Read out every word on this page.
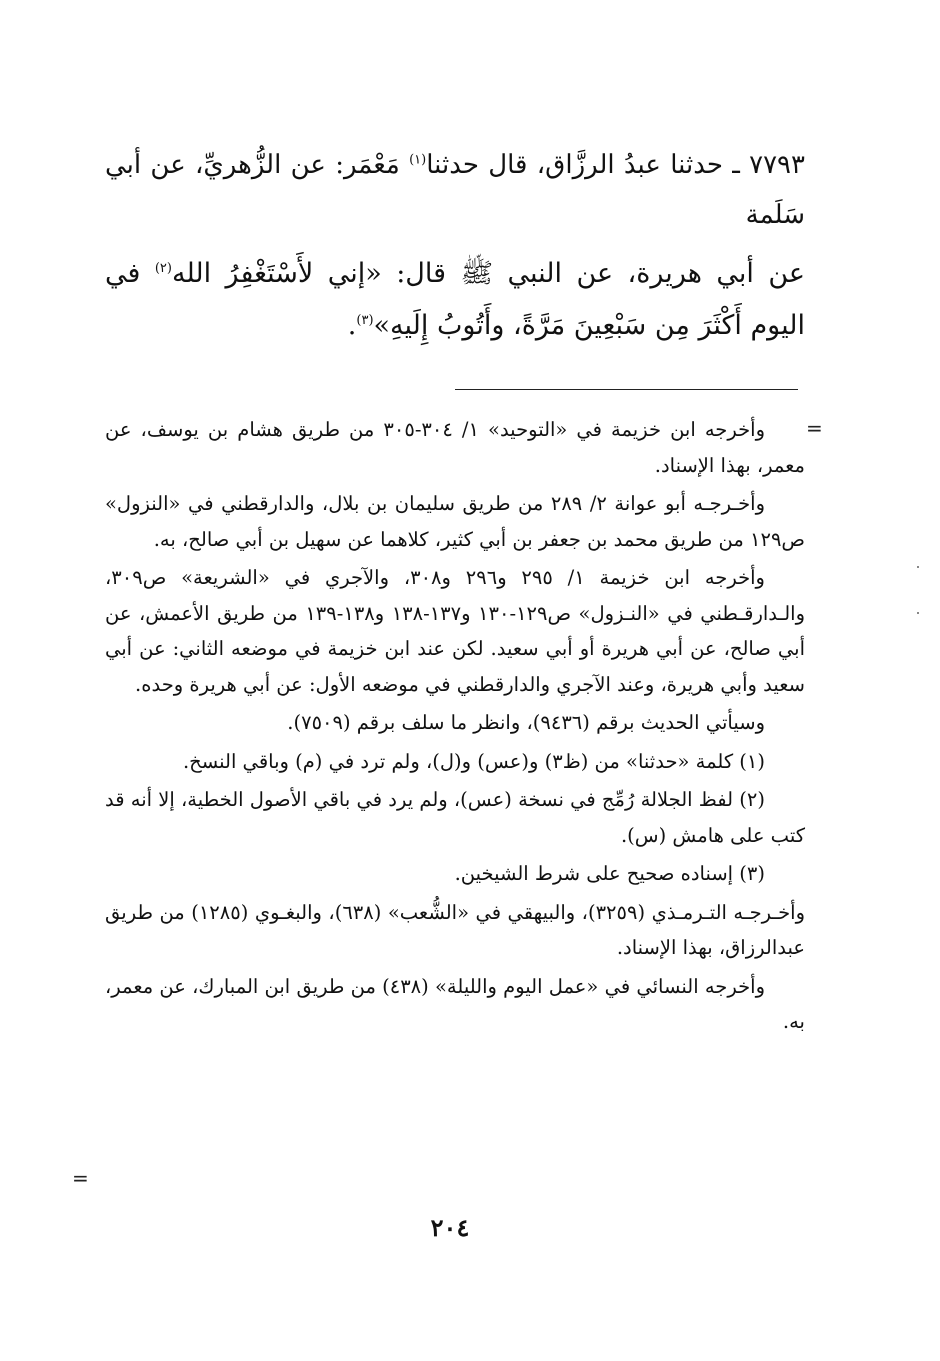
٧٧٩٣ ـ حدثنا عبدُ الرزَّاق، قال حدثنا$^{(١)}$ مَعْمَر: عن الزُّهريِّ، عن أبي سَلَمة
عن أبي هريرة، عن النبي ﷺ قال: «إني لأَسْتَغْفِرُ الله$^{(٢)}$ في اليوم أَكْثَرَ مِن سَبْعِينَ مَرَّةً، وأَتُوبُ إِلَيهِ»$^{(٣)}$.
=

وأخرجه ابن خزيمة في «التوحيد» ١/ ٣٠٤-٣٠٥ من طريق هشام بن يوسف، عن معمر، بهذا الإسناد.

وأخـرجـه أبو عوانة ٢/ ٢٨٩ من طريق سليمان بن بلال، والدارقطني في «النزول» ص١٢٩ من طريق محمد بن جعفر بن أبي كثير، كلاهما عن سهيل بن أبي صالح، به.

وأخرجه ابن خزيمة ١/ ٢٩٥ و٢٩٦ و٣٠٨، والآجري في «الشريعة» ص٣٠٩، والـدارقـطني في «النـزول» ص١٢٩-١٣٠ و١٣٧-١٣٨ و١٣٨-١٣٩ من طريق الأعمش، عن أبي صالح، عن أبي هريرة أو أبي سعيد. لكن عند ابن خزيمة في موضعه الثاني: عن أبي سعيد وأبي هريرة، وعند الآجري والدارقطني في موضعه الأول: عن أبي هريرة وحده.

وسيأتي الحديث برقم (٩٤٣٦)، وانظر ما سلف برقم (٧٥٠٩).

(١) كلمة «حدثنا» من (ظ٣) و(عس) و(ل)، ولم ترد في (م) وباقي النسخ.

(٢) لفظ الجلالة رُمِّج في نسخة (عس)، ولم يرد في باقي الأصول الخطية، إلا أنه قد كتب على هامش (س).

(٣) إسناده صحيح على شرط الشيخين.

وأخـرجـه التـرمـذي (٣٢٥٩)، والبيهقي في «الشُّعب» (٦٣٨)، والبغـوي (١٢٨٥) من طريق عبدالرزاق، بهذا الإسناد.

وأخرجه النسائي في «عمل اليوم والليلة» (٤٣٨) من طريق ابن المبارك، عن معمر، به.

=
٢٠٤
